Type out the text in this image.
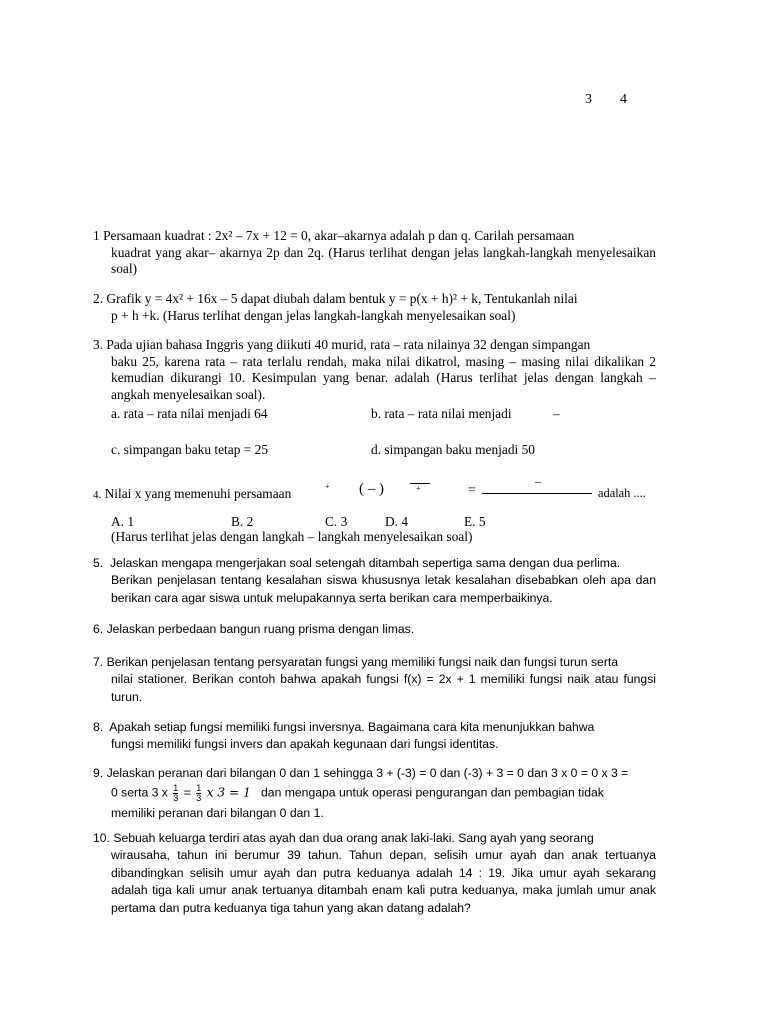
3 4
1 Persamaan kuadrat : 2x² – 7x + 12 = 0, akar–akarnya adalah p dan q. Carilah persamaan
kuadrat yang akar– akarnya 2p dan 2q. (Harus terlihat dengan jelas langkah-langkah menyelesaikan soal)
2. Grafik y = 4x² + 16x – 5 dapat diubah dalam bentuk y = p(x + h)² + k, Tentukanlah nilai
p + h +k. (Harus terlihat dengan jelas langkah-langkah menyelesaikan soal)
3. Pada ujian bahasa Inggris yang diikuti 40 murid, rata – rata nilainya 32 dengan simpangan
baku 25, karena rata – rata terlalu rendah, maka nilai dikatrol, masing – masing nilai dikalikan 2 kemudian dikurangi 10. Kesimpulan yang benar. adalah (Harus terlihat jelas dengan langkah – angkah menyelesaikan soal).
a. rata – rata nilai menjadi 64	b. rata – rata nilai menjadi	–
c. simpangan baku tetap = 25	d. simpangan baku menjadi 50
4. Nilai x yang memenuhi persamaan	+ ( – )	+	=
–
adalah ....
A. 1	B. 2	C. 3	D. 4	E. 5
(Harus terlihat jelas dengan langkah – langkah menyelesaikan soal)
5. Jelaskan mengapa mengerjakan soal setengah ditambah sepertiga sama dengan dua perlima.
Berikan penjelasan tentang kesalahan siswa khususnya letak kesalahan disebabkan oleh apa dan berikan cara agar siswa untuk melupakannya serta berikan cara memperbaikinya.
6. Jelaskan perbedaan bangun ruang prisma dengan limas.
7. Berikan penjelasan tentang persyaratan fungsi yang memiliki fungsi naik dan fungsi turun serta
nilai stationer. Berikan contoh bahwa apakah fungsi f(x) = 2x + 1 memiliki fungsi naik atau fungsi turun.
8. Apakah setiap fungsi memiliki fungsi inversnya. Bagaimana cara kita menunjukkan bahwa
fungsi memiliki fungsi invers dan apakah kegunaan dari fungsi identitas.
9. Jelaskan peranan dari bilangan 0 dan 1 sehingga 3 + (-3) = 0 dan (-3) + 3 = 0 dan 3 x 0 = 0 x 3 =
0 serta 3 x $\frac{1}{3} = \frac{1}{3}$ x 3 = 1 dan mengapa untuk operasi pengurangan dan pembagian tidak
memiliki peranan dari bilangan 0 dan 1.
10. Sebuah keluarga terdiri atas ayah dan dua orang anak laki-laki. Sang ayah yang seorang
wirausaha, tahun ini berumur 39 tahun. Tahun depan, selisih umur ayah dan anak tertuanya dibandingkan selisih umur ayah dan putra keduanya adalah 14 : 19. Jika umur ayah sekarang adalah tiga kali umur anak tertuanya ditambah enam kali putra keduanya, maka jumlah umur anak pertama dan putra keduanya tiga tahun yang akan datang adalah?
